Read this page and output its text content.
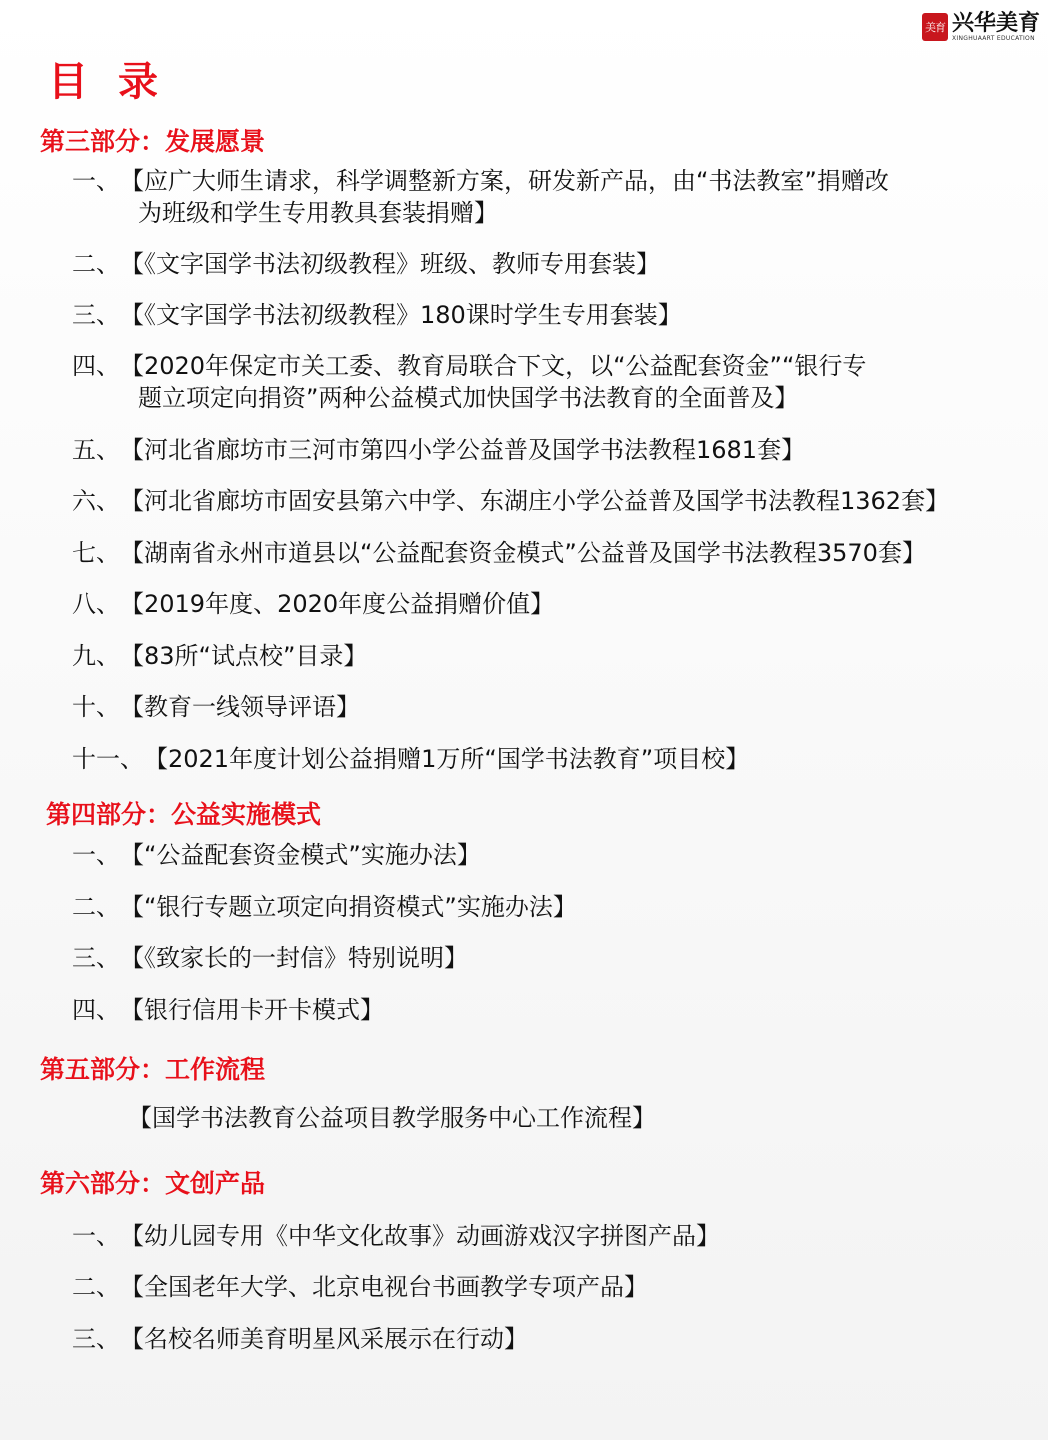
美育 兴华美育
XINGHUAART EDUCATION
目录
第三部分：发展愿景
一、【应广大师生请求，科学调整新方案，研发新产品，由“书法教室”捐赠改
为班级和学生专用教具套装捐赠】
二、【《文字国学书法初级教程》班级、教师专用套装】
三、【《文字国学书法初级教程》180课时学生专用套装】
四、【2020年保定市关工委、教育局联合下文，以“公益配套资金”“银行专
题立项定向捐资”两种公益模式加快国学书法教育的全面普及】
五、【河北省廊坊市三河市第四小学公益普及国学书法教程1681套】
六、【河北省廊坊市固安县第六中学、东湖庄小学公益普及国学书法教程1362套】
七、【湖南省永州市道县以“公益配套资金模式”公益普及国学书法教程3570套】
八、【2019年度、2020年度公益捐赠价值】
九、【83所“试点校”目录】
十、【教育一线领导评语】
十一、【2021年度计划公益捐赠1万所“国学书法教育”项目校】
第四部分：公益实施模式
一、【“公益配套资金模式”实施办法】
二、【“银行专题立项定向捐资模式”实施办法】
三、【《致家长的一封信》特别说明】
四、【银行信用卡开卡模式】
第五部分：工作流程
【国学书法教育公益项目教学服务中心工作流程】
第六部分：文创产品
一、【幼儿园专用《中华文化故事》动画游戏汉字拼图产品】
二、【全国老年大学、北京电视台书画教学专项产品】
三、【名校名师美育明星风采展示在行动】
